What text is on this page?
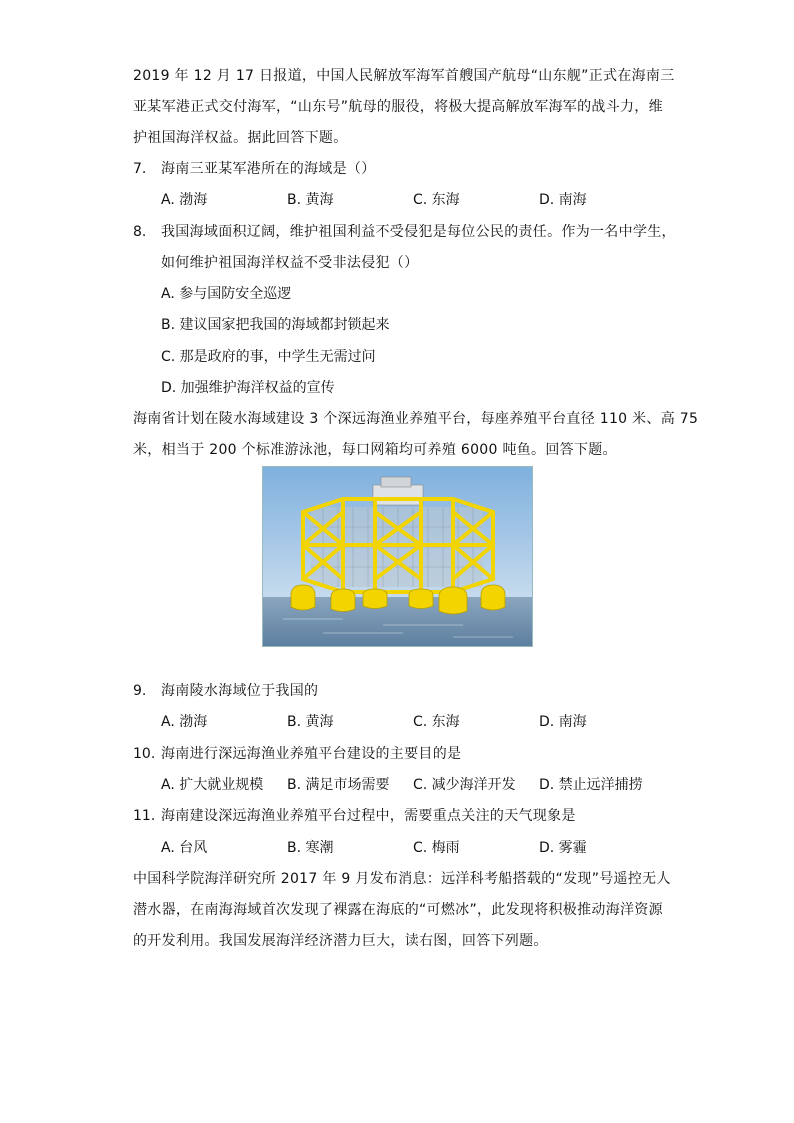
2019 年 12 月 17 日报道，中国人民解放军海军首艘国产航母“山东舰”正式在海南三
亚某军港正式交付海军，“山东号”航母的服役，将极大提高解放军海军的战斗力，维
护祖国海洋权益。据此回答下题。
7. 海南三亚某军港所在的海域是（）
A. 渤海	B. 黄海	C. 东海	D. 南海
8. 我国海域面积辽阔，维护祖国利益不受侵犯是每位公民的责任。作为一名中学生，
如何维护祖国海洋权益不受非法侵犯（）
A. 参与国防安全巡逻
B. 建议国家把我国的海域都封锁起来
C. 那是政府的事，中学生无需过问
D. 加强维护海洋权益的宣传
海南省计划在陵水海域建设 3 个深远海渔业养殖平台，每座养殖平台直径 110 米、高 75
米，相当于 200 个标准游泳池，每口网箱均可养殖 6000 吨鱼。回答下题。
9. 海南陵水海域位于我国的
A. 渤海	B. 黄海	C. 东海	D. 南海
10. 海南进行深远海渔业养殖平台建设的主要目的是
A. 扩大就业规模 B. 满足市场需要 C. 减少海洋开发 D. 禁止远洋捕捞
11. 海南建设深远海渔业养殖平台过程中，需要重点关注的天气现象是
A. 台风	B. 寒潮	C. 梅雨	D. 雾霾
中国科学院海洋研究所 2017 年 9 月发布消息：远洋科考船搭载的“发现”号遥控无人
潜水器，在南海海域首次发现了裸露在海底的“可燃冰”，此发现将积极推动海洋资源
的开发利用。我国发展海洋经济潜力巨大，读右图，回答下列题。
